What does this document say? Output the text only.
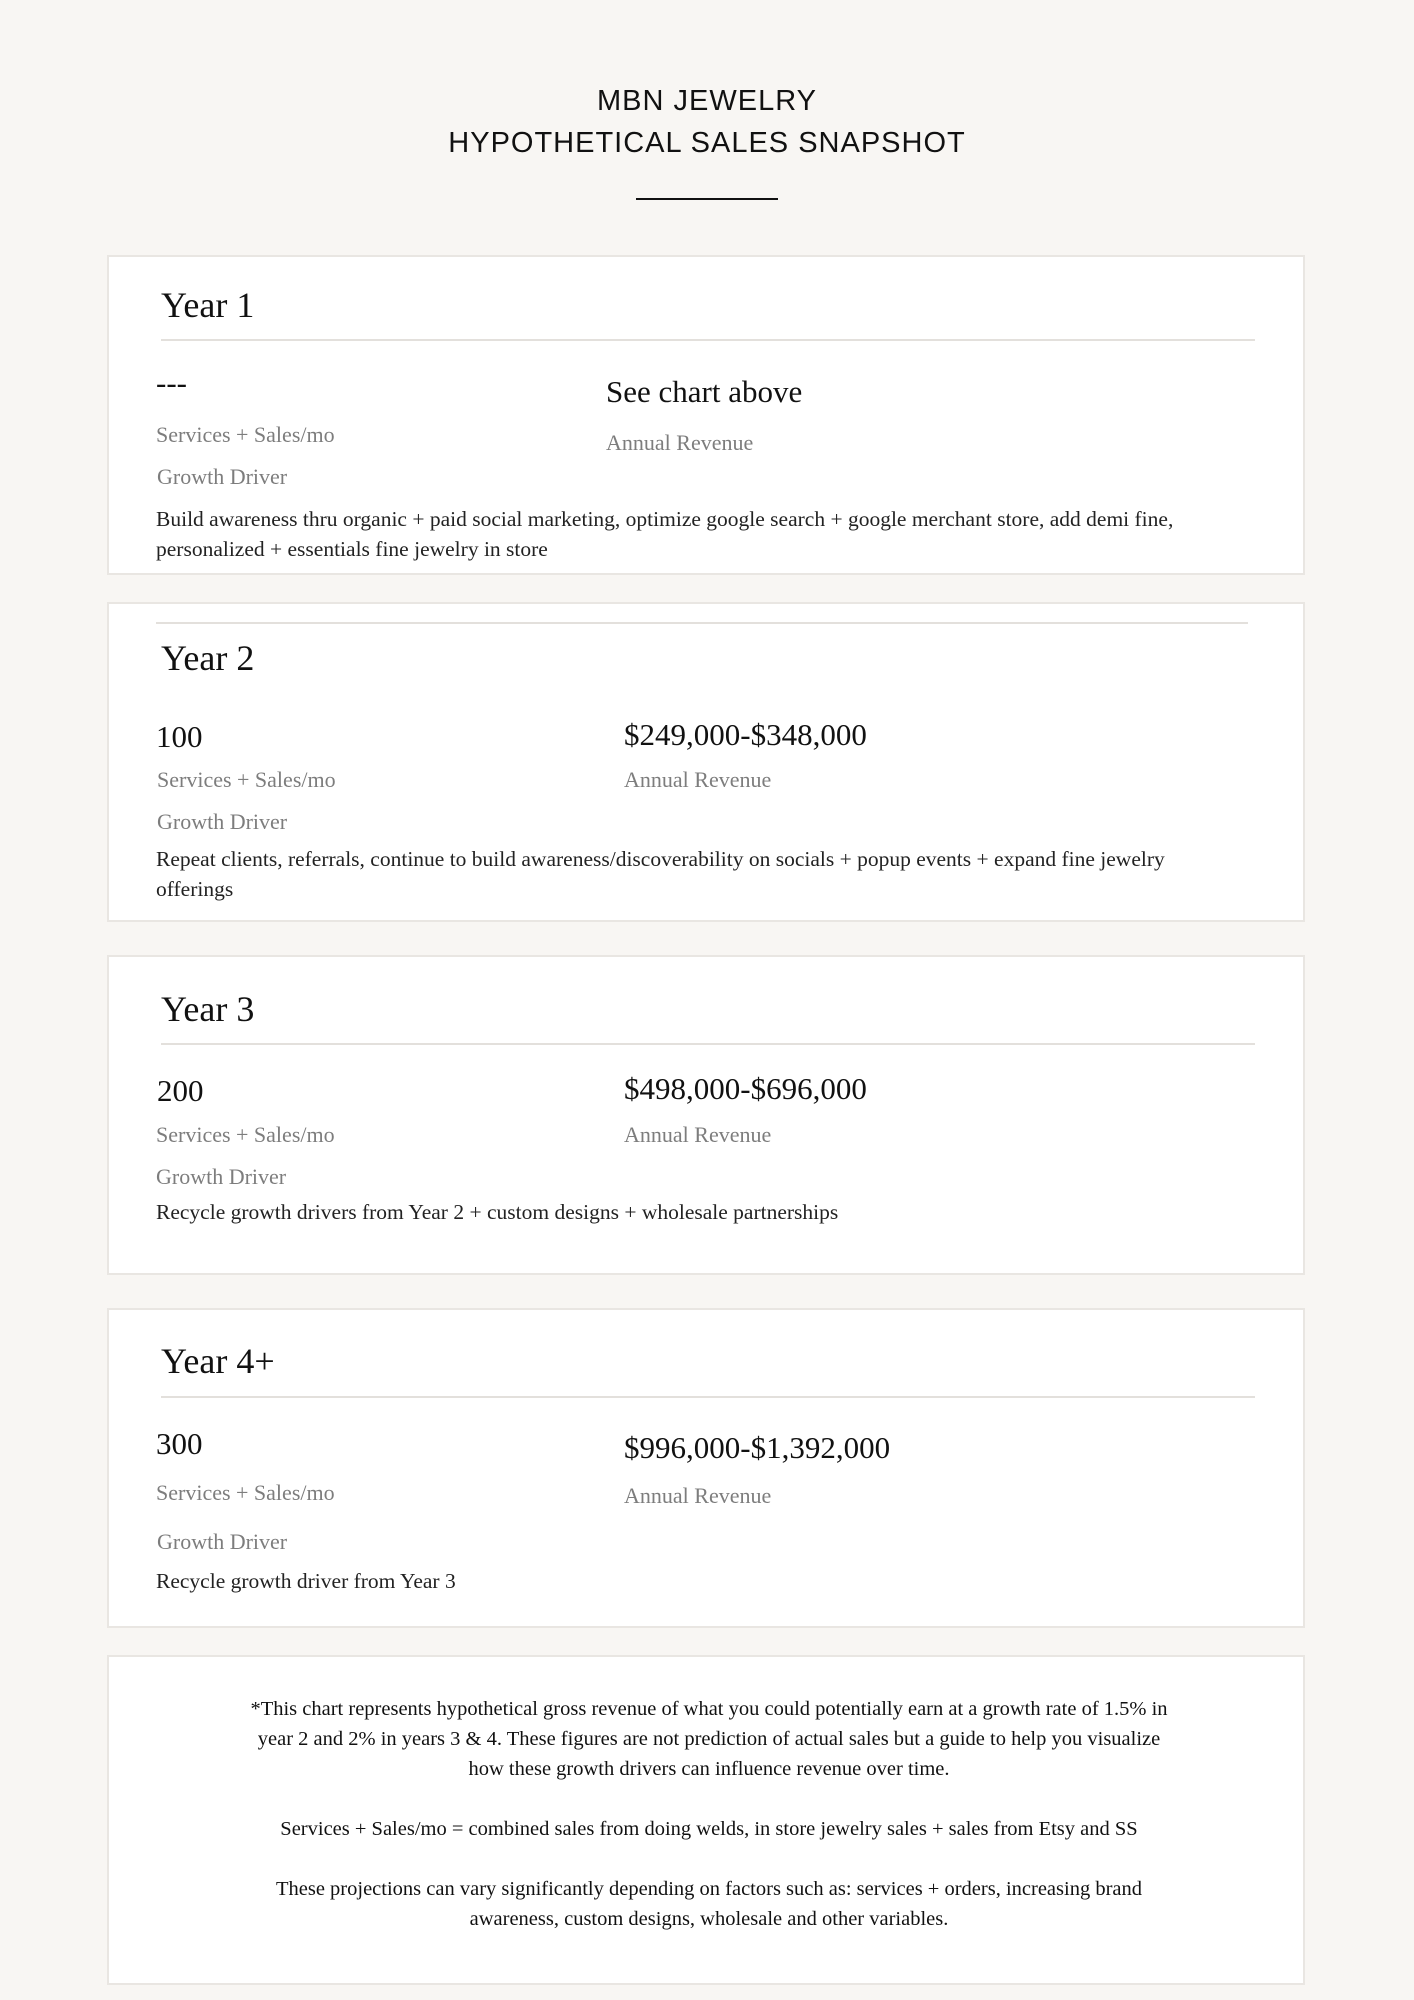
MBN JEWELRY
HYPOTHETICAL SALES SNAPSHOT
Year 1
---
Services + Sales/mo
See chart above
Annual Revenue
Growth Driver
Build awareness thru organic + paid social marketing, optimize google search + google merchant store, add demi fine, personalized + essentials fine jewelry in store
Year 2
100
Services + Sales/mo
$249,000-$348,000
Annual Revenue
Growth Driver
Repeat clients, referrals, continue to build awareness/discoverability on socials + popup events + expand fine jewelry offerings
Year 3
200
Services + Sales/mo
$498,000-$696,000
Annual Revenue
Growth Driver
Recycle growth drivers from Year 2 + custom designs + wholesale partnerships
Year 4+
300
Services + Sales/mo
$996,000-$1,392,000
Annual Revenue
Growth Driver
Recycle growth driver from Year 3

*This chart represents hypothetical gross revenue of what you could potentially earn at a growth rate of 1.5% in year 2 and 2% in years 3 & 4. These figures are not prediction of actual sales but a guide to help you visualize how these growth drivers can influence revenue over time.

Services + Sales/mo = combined sales from doing welds, in store jewelry sales + sales from Etsy and SS

These projections can vary significantly depending on factors such as: services + orders, increasing brand awareness, custom designs, wholesale and other variables.
